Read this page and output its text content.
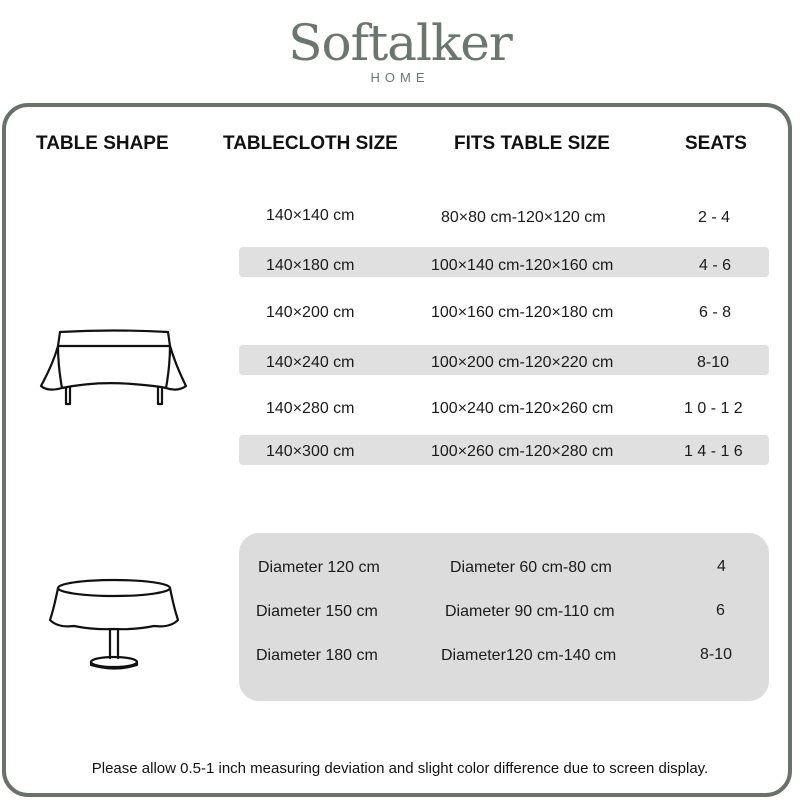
Softalker
HOME
TABLE SHAPE	TABLECLOTH SIZE	FITS TABLE SIZE	SEATS
140×140 cm	80×80 cm-120×120 cm	2 - 4
140×180 cm	100×140 cm-120×160 cm	4 - 6
140×200 cm	100×160 cm-120×180 cm	6 - 8
140×240 cm	100×200 cm-120×220 cm	8-10
140×280 cm	100×240 cm-120×260 cm	1 0 - 1 2
140×300 cm	100×260 cm-120×280 cm	1 4 - 1 6
Diameter 120 cm	Diameter 60 cm-80 cm	4
Diameter 150 cm	Diameter 90 cm-110 cm	6
Diameter 180 cm	Diameter120 cm-140 cm	8-10
Please allow 0.5-1 inch measuring deviation and slight color difference due to screen display.
